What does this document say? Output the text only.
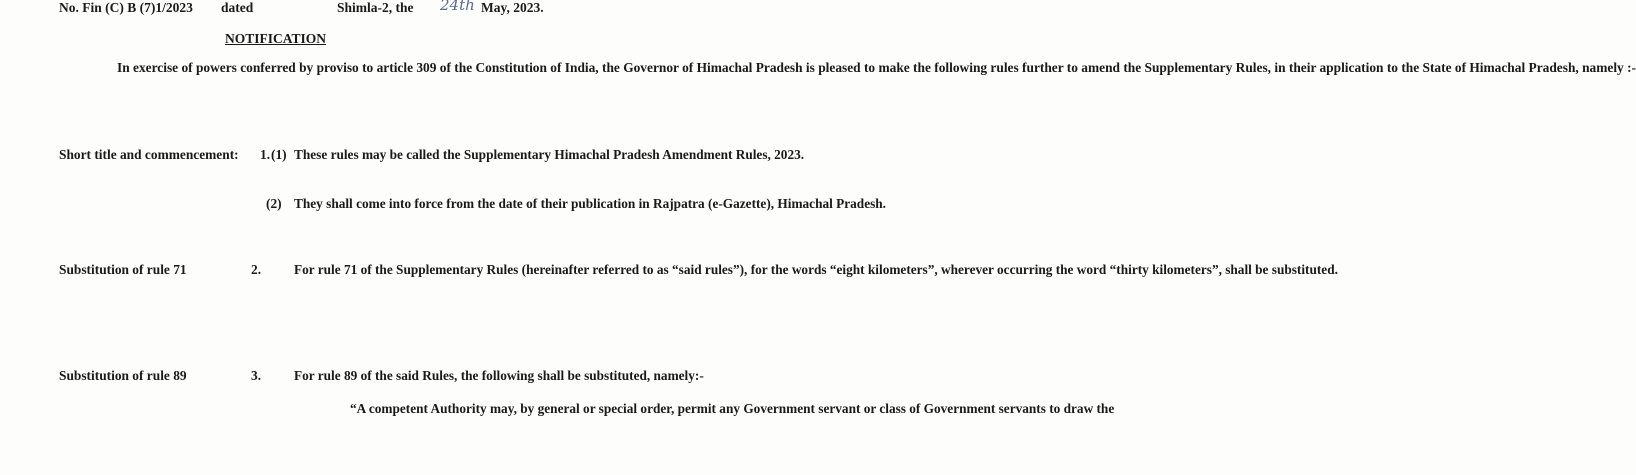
No. Fin (C) B (7)1/2023 dated	Shimla-2, the 24th May, 2023.
NOTIFICATION

In exercise of powers conferred by proviso to article 309 of the Constitution of India, the Governor of Himachal Pradesh is pleased to make the following rules further to amend the Supplementary Rules, in their application to the State of Himachal Pradesh, namely :-

Short title and commencement: 1. (1) These rules may be called the Supplementary Himachal Pradesh Amendment Rules, 2023.

(2) They shall come into force from the date of their publication in Rajpatra (e-Gazette), Himachal Pradesh.

Substitution of rule 71	2. For rule 71 of the Supplementary Rules (hereinafter referred to as “said rules”), for the words “eight kilometers”, wherever occurring the word “thirty kilometers”, shall be substituted.

Substitution of rule 89	3. For rule 89 of the said Rules, the following shall be substituted, namely:-

“A competent Authority may, by general or special order, permit any Government servant or class of Government servants to draw the
